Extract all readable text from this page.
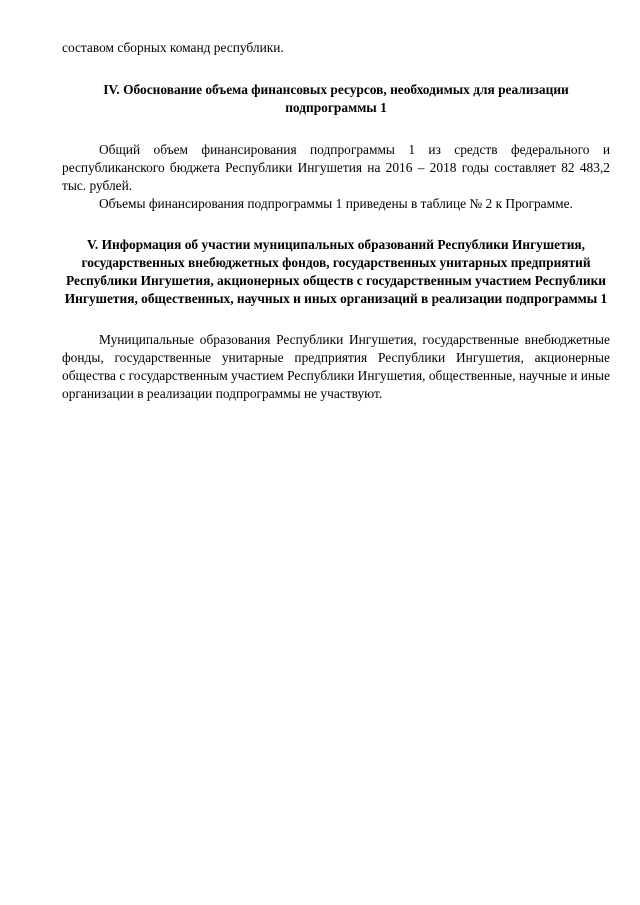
составом сборных команд республики.

IV. Обоснование объема финансовых ресурсов, необходимых для реализации подпрограммы 1

Общий объем финансирования подпрограммы 1 из средств федерального и республиканского бюджета Республики Ингушетия на 2016 – 2018 годы составляет 82 483,2 тыс. рублей.

Объемы финансирования подпрограммы 1 приведены в таблице № 2 к Программе.

V. Информация об участии муниципальных образований Республики Ингушетия, государственных внебюджетных фондов, государственных унитарных предприятий Республики Ингушетия, акционерных обществ с государственным участием Республики Ингушетия, общественных, научных и иных организаций в реализации подпрограммы 1

Муниципальные образования Республики Ингушетия, государственные внебюджетные фонды, государственные унитарные предприятия Республики Ингушетия, акционерные общества с государственным участием Республики Ингушетия, общественные, научные и иные организации в реализации подпрограммы не участвуют.
